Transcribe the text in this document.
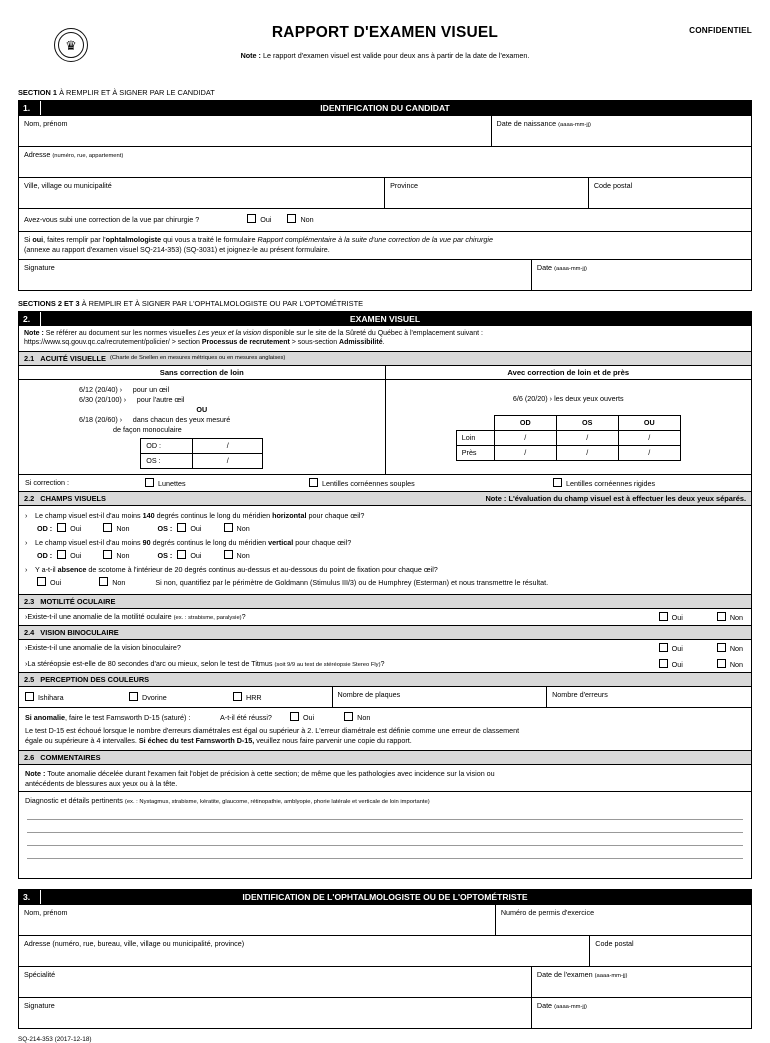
CONFIDENTIEL
♛
RAPPORT D'EXAMEN VISUEL
Note : Le rapport d'examen visuel est valide pour deux ans à partir de la date de l'examen.
SECTION 1 À REMPLIR ET À SIGNER PAR LE CANDIDAT
1.	IDENTIFICATION DU CANDIDAT
Nom, prénom	Date de naissance (aaaa-mm-jj)
Adresse (numéro, rue, appartement)
Ville, village ou municipalité	Province	Code postal
Avez-vous subi une correction de la vue par chirurgie ?	Oui	Non
Si oui, faites remplir par l'ophtalmologiste qui vous a traité le formulaire Rapport complémentaire à la suite d'une correction de la vue par chirurgie
(annexe au rapport d'examen visuel SQ-214-353) (SQ-3031) et joignez-le au présent formulaire.
Signature	Date (aaaa-mm-jj)
SECTIONS 2 ET 3 À REMPLIR ET À SIGNER PAR L'OPHTALMOLOGISTE OU PAR L'OPTOMÉTRISTE
2.	EXAMEN VISUEL
Note : Se référer au document sur les normes visuelles Les yeux et la vision disponible sur le site de la Sûreté du Québec à l'emplacement suivant :
https://www.sq.gouv.qc.ca/recrutement/policier/ > section Processus de recrutement > sous-section Admissibilité.
2.1 ACUITÉ VISUELLE (Charte de Snellen en mesures métriques ou en mesures anglaises)
Sans correction de loin
6/12 (20/40) › pour un œil
6/30 (20/100) › pour l'autre œil
OU
6/18 (20/60) › dans chacun des yeux mesuré
de façon monoculaire
OD :	/
OS :	/
Avec correction de loin et de près
6/6 (20/20) › les deux yeux ouverts
	OD	OS	OU
Loin	/	/	/
Près	/	/	/
Si correction :	Lunettes	Lentilles cornéennes souples	Lentilles cornéennes rigides
2.2 CHAMPS VISUELS	Note : L'évaluation du champ visuel est à effectuer les deux yeux séparés.
›	Le champ visuel est-il d'au moins 140 degrés continus le long du méridien horizontal pour chaque œil?
OD :	Oui	Non	OS :	Oui	Non
›	Le champ visuel est-il d'au moins 90 degrés continus le long du méridien vertical pour chaque œil?
OD :	Oui	Non	OS :	Oui	Non
›	Y a-t-il absence de scotome à l'intérieur de 20 degrés continus au-dessus et au-dessous du point de fixation pour chaque œil?
Oui	Non	Si non, quantifiez par le périmètre de Goldmann (Stimulus III/3) ou de Humphrey (Esterman) et nous transmettre le résultat.
2.3 MOTILITÉ OCULAIRE
› Existe-t-il une anomalie de la motilité oculaire (ex. : strabisme, paralysie)?	Oui	Non
2.4 VISION BINOCULAIRE
› Existe-t-il une anomalie de la vision binoculaire?	Oui	Non
› La stéréopsie est-elle de 80 secondes d'arc ou mieux, selon le test de Titmus (soit 9/9 au test de stéréopsie Stereo Fly)?	Oui	Non
2.5 PERCEPTION DES COULEURS
Ishihara	Dvorine	HRR	Nombre de plaques	Nombre d'erreurs
Si anomalie, faire le test Farnsworth D-15 (saturé) :	A-t-il été réussi?	Oui	Non
Le test D-15 est échoué lorsque le nombre d'erreurs diamétrales est égal ou supérieur à 2. L'erreur diamétrale est définie comme une erreur de classement
égale ou supérieure à 4 intervalles. Si échec du test Farnsworth D-15, veuillez nous faire parvenir une copie du rapport.
2.6 COMMENTAIRES
Note : Toute anomalie décelée durant l'examen fait l'objet de précision à cette section; de même que les pathologies avec incidence sur la vision ou
antécédents de blessures aux yeux ou à la tête.
Diagnostic et détails pertinents (ex. : Nystagmus, strabisme, kératite, glaucome, rétinopathie, amblyopie, phorie latérale et verticale de loin importante)
3.	IDENTIFICATION DE L'OPHTALMOLOGISTE OU DE L'OPTOMÉTRISTE
Nom, prénom	Numéro de permis d'exercice
Adresse (numéro, rue, bureau, ville, village ou municipalité, province)	Code postal
Spécialité	Date de l'examen (aaaa-mm-jj)
Signature	Date (aaaa-mm-jj)
SQ-214-353 (2017-12-18)
